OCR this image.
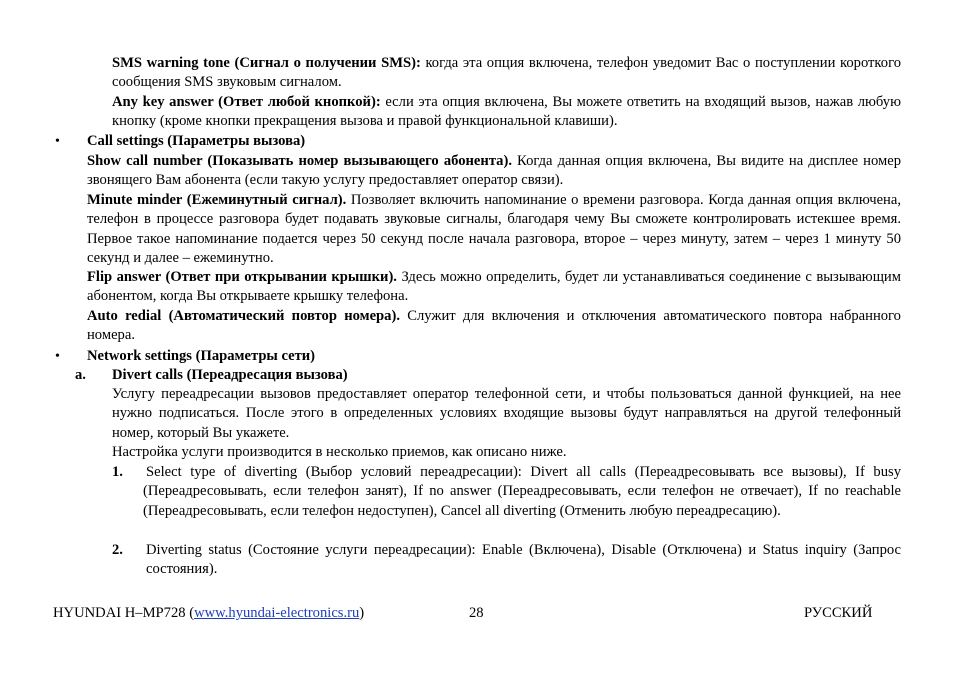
SMS warning tone (Сигнал о получении SMS): когда эта опция включена, телефон уведомит Вас о поступлении короткого сообщения SMS звуковым сигналом.
Any key answer (Ответ любой кнопкой): если эта опция включена, Вы можете ответить на входящий вызов, нажав любую кнопку (кроме кнопки прекращения вызова и правой функциональной клавиши).
• Call settings (Параметры вызова)
Show call number (Показывать номер вызывающего абонента). Когда данная опция включена, Вы видите на дисплее номер звонящего Вам абонента (если такую услугу предоставляет оператор связи).
Minute minder (Ежеминутный сигнал). Позволяет включить напоминание о времени разговора. Когда данная опция включена, телефон в процессе разговора будет подавать звуковые сигналы, благодаря чему Вы сможете контролировать истекшее время. Первое такое напоминание подается через 50 секунд после начала разговора, второе – через минуту, затем – через 1 минуту 50 секунд и далее – ежеминутно.
Flip answer (Ответ при открывании крышки). Здесь можно определить, будет ли устанавливаться соединение с вызывающим абонентом, когда Вы открываете крышку телефона.
Auto redial (Автоматический повтор номера). Служит для включения и отключения автоматического повтора набранного номера.
• Network settings (Параметры сети)
a. Divert calls (Переадресация вызова)
Услугу переадресации вызовов предоставляет оператор телефонной сети, и чтобы пользоваться данной функцией, на нее нужно подписаться. После этого в определенных условиях входящие вызовы будут направляться на другой телефонный номер, который Вы укажете.
Настройка услуги производится в несколько приемов, как описано ниже.
1. Select type of diverting (Выбор условий переадресации): Divert all calls (Переадресовывать все вызовы), If busy (Переадресовывать, если телефон занят), If no answer (Переадресовывать, если телефон не отвечает), If no reachable (Переадресовывать, если телефон недоступен), Cancel all diverting (Отменить любую переадресацию).
2. Diverting status (Состояние услуги переадресации): Enable (Включена), Disable (Отключена) и Status inquiry (Запрос состояния).
HYUNDAI H–MP728 (www.hyundai-electronics.ru)	28	РУССКИЙ
